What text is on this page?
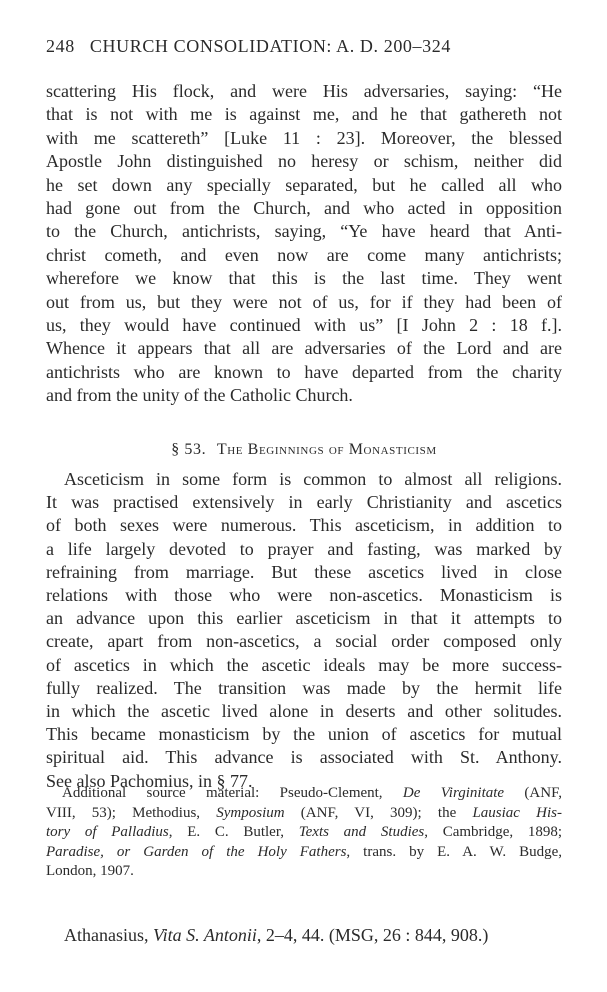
248 CHURCH CONSOLIDATION: A. D. 200–324
scattering His flock, and were His adversaries, saying: “He
that is not with me is against me, and he that gathereth not
with me scattereth” [Luke 11 : 23]. Moreover, the blessed
Apostle John distinguished no heresy or schism, neither did
he set down any specially separated, but he called all who
had gone out from the Church, and who acted in opposition
to the Church, antichrists, saying, “Ye have heard that Anti-
christ cometh, and even now are come many antichrists;
wherefore we know that this is the last time. They went
out from us, but they were not of us, for if they had been of
us, they would have continued with us” [I John 2 : 18 f.].
Whence it appears that all are adversaries of the Lord and are
antichrists who are known to have departed from the charity
and from the unity of the Catholic Church.
§ 53. The Beginnings of Monasticism
Asceticism in some form is common to almost all religions.
It was practised extensively in early Christianity and ascetics
of both sexes were numerous. This asceticism, in addition to
a life largely devoted to prayer and fasting, was marked by
refraining from marriage. But these ascetics lived in close
relations with those who were non-ascetics. Monasticism is
an advance upon this earlier asceticism in that it attempts to
create, apart from non-ascetics, a social order composed only
of ascetics in which the ascetic ideals may be more success-
fully realized. The transition was made by the hermit life
in which the ascetic lived alone in deserts and other solitudes.
This became monasticism by the union of ascetics for mutual
spiritual aid. This advance is associated with St. Anthony.
See also Pachomius, in § 77.
Additional source material: Pseudo-Clement, De Virginitate (ANF,
VIII, 53); Methodius, Symposium (ANF, VI, 309); the Lausiac His-
tory of Palladius, E. C. Butler, Texts and Studies, Cambridge, 1898;
Paradise, or Garden of the Holy Fathers, trans. by E. A. W. Budge,
London, 1907.
Athanasius, Vita S. Antonii, 2–4, 44. (MSG, 26 : 844, 908.)
